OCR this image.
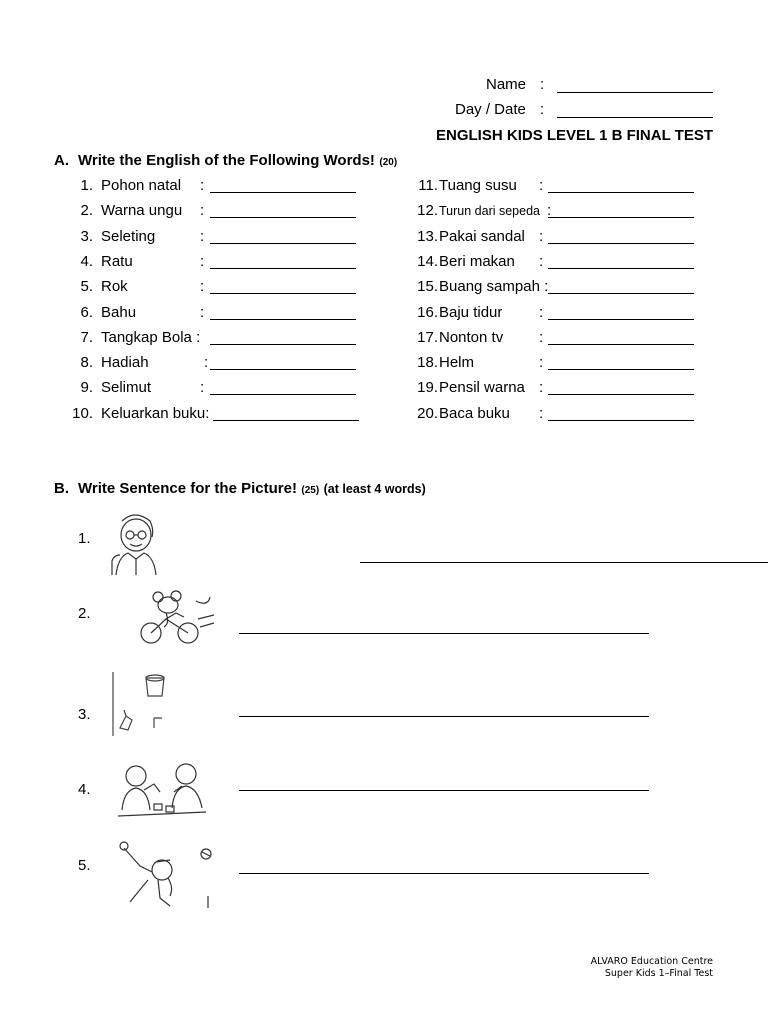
Name :
Day / Date :
ENGLISH KIDS LEVEL 1 B FINAL TEST
A. Write the English of the Following Words! (20)
1. Pohon natal :
2. Warna ungu :
3. Seleting	:
4. Ratu	:
5. Rok	:
6. Bahu	:
7. Tangkap Bola :
8. Hadiah	:
9. Selimut	:
10. Keluarkan buku:
11. Tuang susu :
12. Turun dari sepeda :
13. Pakai sandal :
14. Beri makan :
15. Buang sampah :
16. Baju tidur :
17. Nonton tv :
18. Helm	:
19. Pensil warna :
20. Baca buku :
B. Write Sentence for the Picture! (25) (at least 4 words)
1.
2.
3.
4.
5.
ALVARO Education Centre
Super Kids 1–Final Test
